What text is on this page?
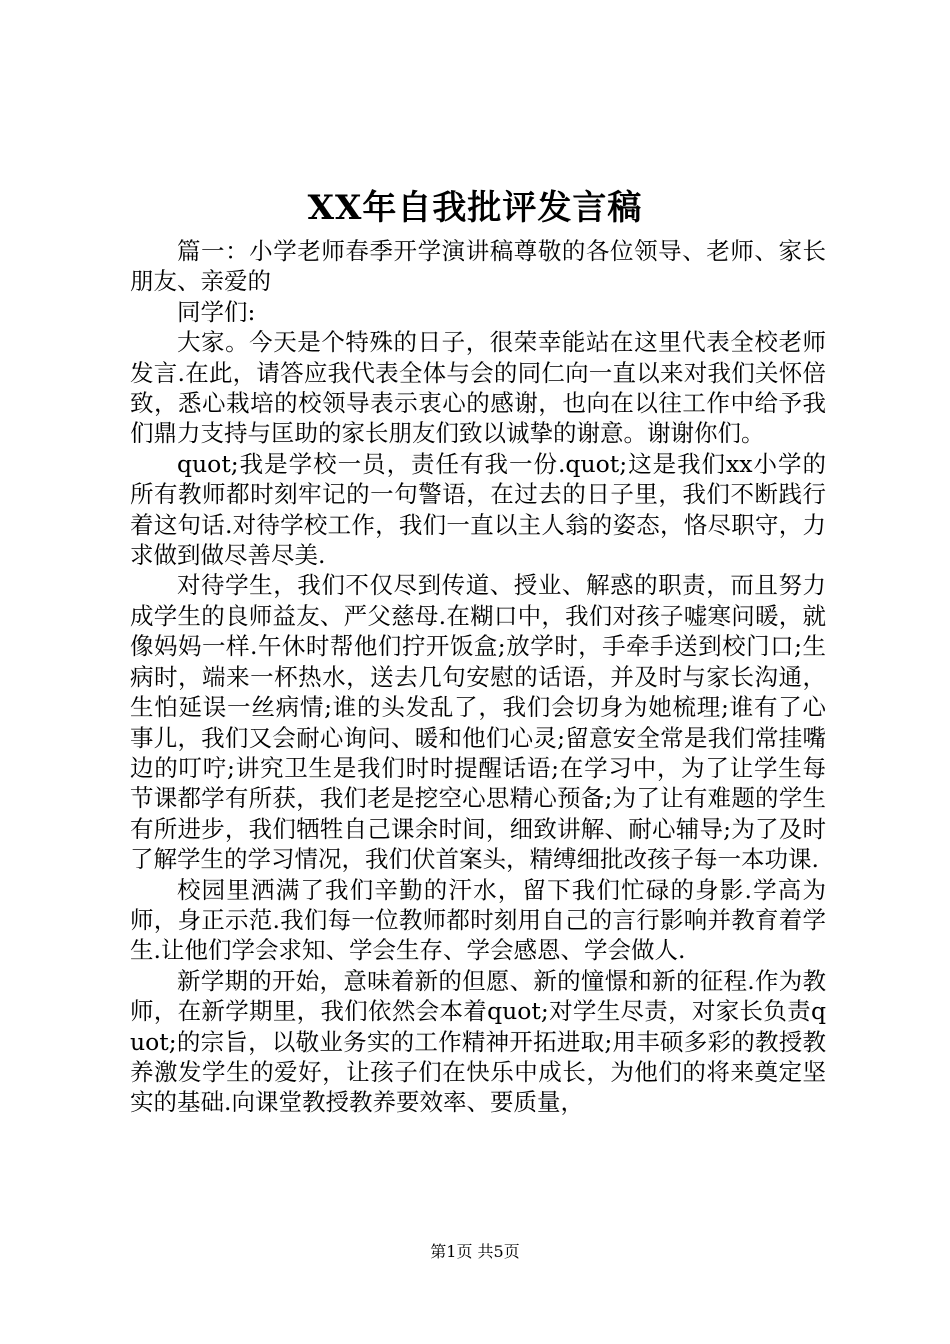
XX年自我批评发言稿

篇一：小学老师春季开学演讲稿尊敬的各位领导、老师、家长朋友、亲爱的

同学们:

大家。今天是个特殊的日子，很荣幸能站在这里代表全校老师发言.在此，请答应我代表全体与会的同仁向一直以来对我们关怀倍致，悉心栽培的校领导表示衷心的感谢，也向在以往工作中给予我们鼎力支持与匡助的家长朋友们致以诚挚的谢意。谢谢你们。

quot;我是学校一员，责任有我一份.quot;这是我们xx小学的所有教师都时刻牢记的一句警语，在过去的日子里，我们不断践行着这句话.对待学校工作，我们一直以主人翁的姿态，恪尽职守，力求做到做尽善尽美.

对待学生，我们不仅尽到传道、授业、解惑的职责，而且努力成学生的良师益友、严父慈母.在糊口中，我们对孩子嘘寒问暖，就像妈妈一样.午休时帮他们拧开饭盒;放学时，手牵手送到校门口;生病时，端来一杯热水，送去几句安慰的话语，并及时与家长沟通，生怕延误一丝病情;谁的头发乱了，我们会切身为她梳理;谁有了心事儿，我们又会耐心询问、暖和他们心灵;留意安全常是我们常挂嘴边的叮咛;讲究卫生是我们时时提醒话语;在学习中，为了让学生每节课都学有所获，我们老是挖空心思精心预备;为了让有难题的学生有所进步，我们牺牲自己课余时间，细致讲解、耐心辅导;为了及时了解学生的学习情况，我们伏首案头，精缚细批改孩子每一本功课.

校园里洒满了我们辛勤的汗水，留下我们忙碌的身影.学高为师，身正示范.我们每一位教师都时刻用自己的言行影响并教育着学生.让他们学会求知、学会生存、学会感恩、学会做人.

新学期的开始，意味着新的但愿、新的憧憬和新的征程.作为教师，在新学期里，我们依然会本着quot;对学生尽责，对家长负责quot;的宗旨，以敬业务实的工作精神开拓进取;用丰硕多彩的教授教养激发学生的爱好，让孩子们在快乐中成长，为他们的将来奠定坚实的基础.向课堂教授教养要效率、要质量，

第1页 共5页
